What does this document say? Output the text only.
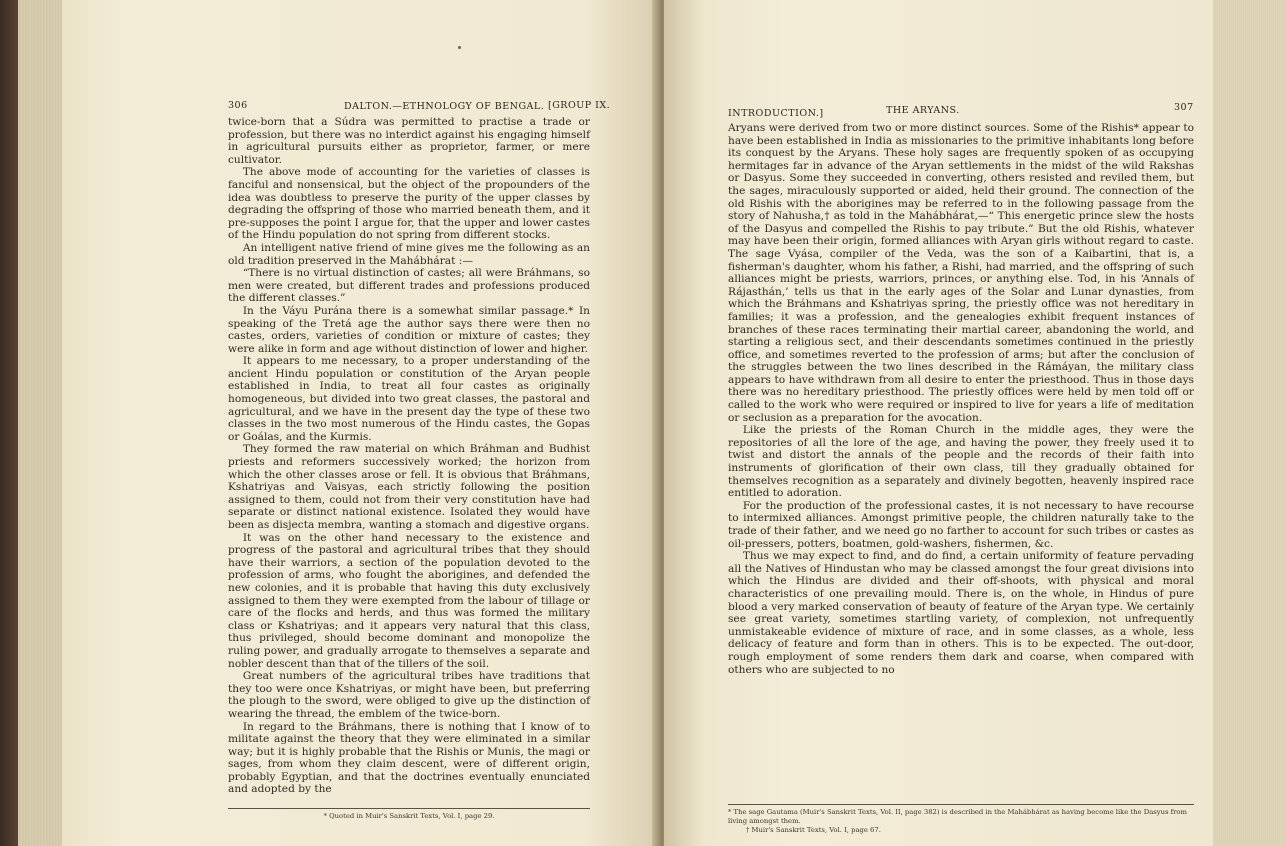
306	DALTON.—ETHNOLOGY OF BENGAL. [GROUP IX.

twice-born that a Súdra was permitted to practise a trade or profession, but there was no interdict against his engaging himself in agricultural pursuits either as proprietor, farmer, or mere cultivator.

The above mode of accounting for the varieties of classes is fanciful and nonsensical, but the object of the propounders of the idea was doubtless to preserve the purity of the upper classes by degrading the offspring of those who married beneath them, and it pre-supposes the point I argue for, that the upper and lower castes of the Hindu population do not spring from different stocks.

An intelligent native friend of mine gives me the following as an old tradition preserved in the Mahábhárat :—

“There is no virtual distinction of castes; all were Bráhmans, so men were created, but different trades and professions produced the different classes.”

In the Váyu Purána there is a somewhat similar passage.* In speaking of the Tretá age the author says there were then no castes, orders, varieties of condition or mixture of castes; they were alike in form and age without distinction of lower and higher.

It appears to me necessary, to a proper understanding of the ancient Hindu population or constitution of the Aryan people established in India, to treat all four castes as originally homogeneous, but divided into two great classes, the pastoral and agricultural, and we have in the present day the type of these two classes in the two most numerous of the Hindu castes, the Gopas or Goálas, and the Kurmis.

They formed the raw material on which Bráhman and Budhist priests and reformers successively worked; the horizon from which the other classes arose or fell. It is obvious that Bráhmans, Kshatriyas and Vaisyas, each strictly following the position assigned to them, could not from their very constitution have had separate or distinct national existence. Isolated they would have been as disjecta membra, wanting a stomach and digestive organs.

It was on the other hand necessary to the existence and progress of the pastoral and agricultural tribes that they should have their warriors, a section of the population devoted to the profession of arms, who fought the aborigines, and defended the new colonies, and it is probable that having this duty exclusively assigned to them they were exempted from the labour of tillage or care of the flocks and herds, and thus was formed the military class or Kshatriyas; and it appears very natural that this class, thus privileged, should become dominant and monopolize the ruling power, and gradually arrogate to themselves a separate and nobler descent than that of the tillers of the soil.

Great numbers of the agricultural tribes have traditions that they too were once Kshatriyas, or might have been, but preferring the plough to the sword, were obliged to give up the distinction of wearing the thread, the emblem of the twice-born.

In regard to the Bráhmans, there is nothing that I know of to militate against the theory that they were eliminated in a similar way; but it is highly probable that the Rishis or Munis, the magi or sages, from whom they claim descent, were of different origin, probably Egyptian, and that the doctrines eventually enunciated and adopted by the

* Quoted in Muir's Sanskrit Texts, Vol. I, page 29.
INTRODUCTION.]	THE ARYANS.	307

Aryans were derived from two or more distinct sources. Some of the Rishis* appear to have been established in India as missionaries to the primitive inhabitants long before its conquest by the Aryans. These holy sages are frequently spoken of as occupying hermitages far in advance of the Aryan settlements in the midst of the wild Rakshas or Dasyus. Some they succeeded in converting, others resisted and reviled them, but the sages, miraculously supported or aided, held their ground. The connection of the old Rishis with the aborigines may be referred to in the following passage from the story of Nahusha,† as told in the Mahábhárat,—“ This energetic prince slew the hosts of the Dasyus and compelled the Rishis to pay tribute.” But the old Rishis, whatever may have been their origin, formed alliances with Aryan girls without regard to caste. The sage Vyása, compiler of the Veda, was the son of a Kaibartini, that is, a fisherman's daughter, whom his father, a Rishi, had married, and the offspring of such alliances might be priests, warriors, princes, or anything else. Tod, in his ‘Annals of Rájasthán,’ tells us that in the early ages of the Solar and Lunar dynasties, from which the Bráhmans and Kshatriyas spring, the priestly office was not hereditary in families; it was a profession, and the genealogies exhibit frequent instances of branches of these races terminating their martial career, abandoning the world, and starting a religious sect, and their descendants sometimes continued in the priestly office, and sometimes reverted to the profession of arms; but after the conclusion of the struggles between the two lines described in the Rámáyan, the military class appears to have withdrawn from all desire to enter the priesthood. Thus in those days there was no hereditary priesthood. The priestly offices were held by men told off or called to the work who were required or inspired to live for years a life of meditation or seclusion as a preparation for the avocation.

Like the priests of the Roman Church in the middle ages, they were the repositories of all the lore of the age, and having the power, they freely used it to twist and distort the annals of the people and the records of their faith into instruments of glorification of their own class, till they gradually obtained for themselves recognition as a separately and divinely begotten, heavenly inspired race entitled to adoration.

For the production of the professional castes, it is not necessary to have recourse to intermixed alliances. Amongst primitive people, the children naturally take to the trade of their father, and we need go no farther to account for such tribes or castes as oil-pressers, potters, boatmen, gold-washers, fishermen, &c.

Thus we may expect to find, and do find, a certain uniformity of feature pervading all the Natives of Hindustan who may be classed amongst the four great divisions into which the Hindus are divided and their off-shoots, with physical and moral characteristics of one prevailing mould. There is, on the whole, in Hindus of pure blood a very marked conservation of beauty of feature of the Aryan type. We certainly see great variety, sometimes startling variety, of complexion, not unfrequently unmistakeable evidence of mixture of race, and in some classes, as a whole, less delicacy of feature and form than in others. This is to be expected. The out-door, rough employment of some renders them dark and coarse, when compared with others who are subjected to no

* The sage Gautama (Muir's Sanskrit Texts, Vol. II, page 382) is described in the Mahábhárat as having become like the Dasyus from living amongst them.
† Muir's Sanskrit Texts, Vol. I, page 67.
